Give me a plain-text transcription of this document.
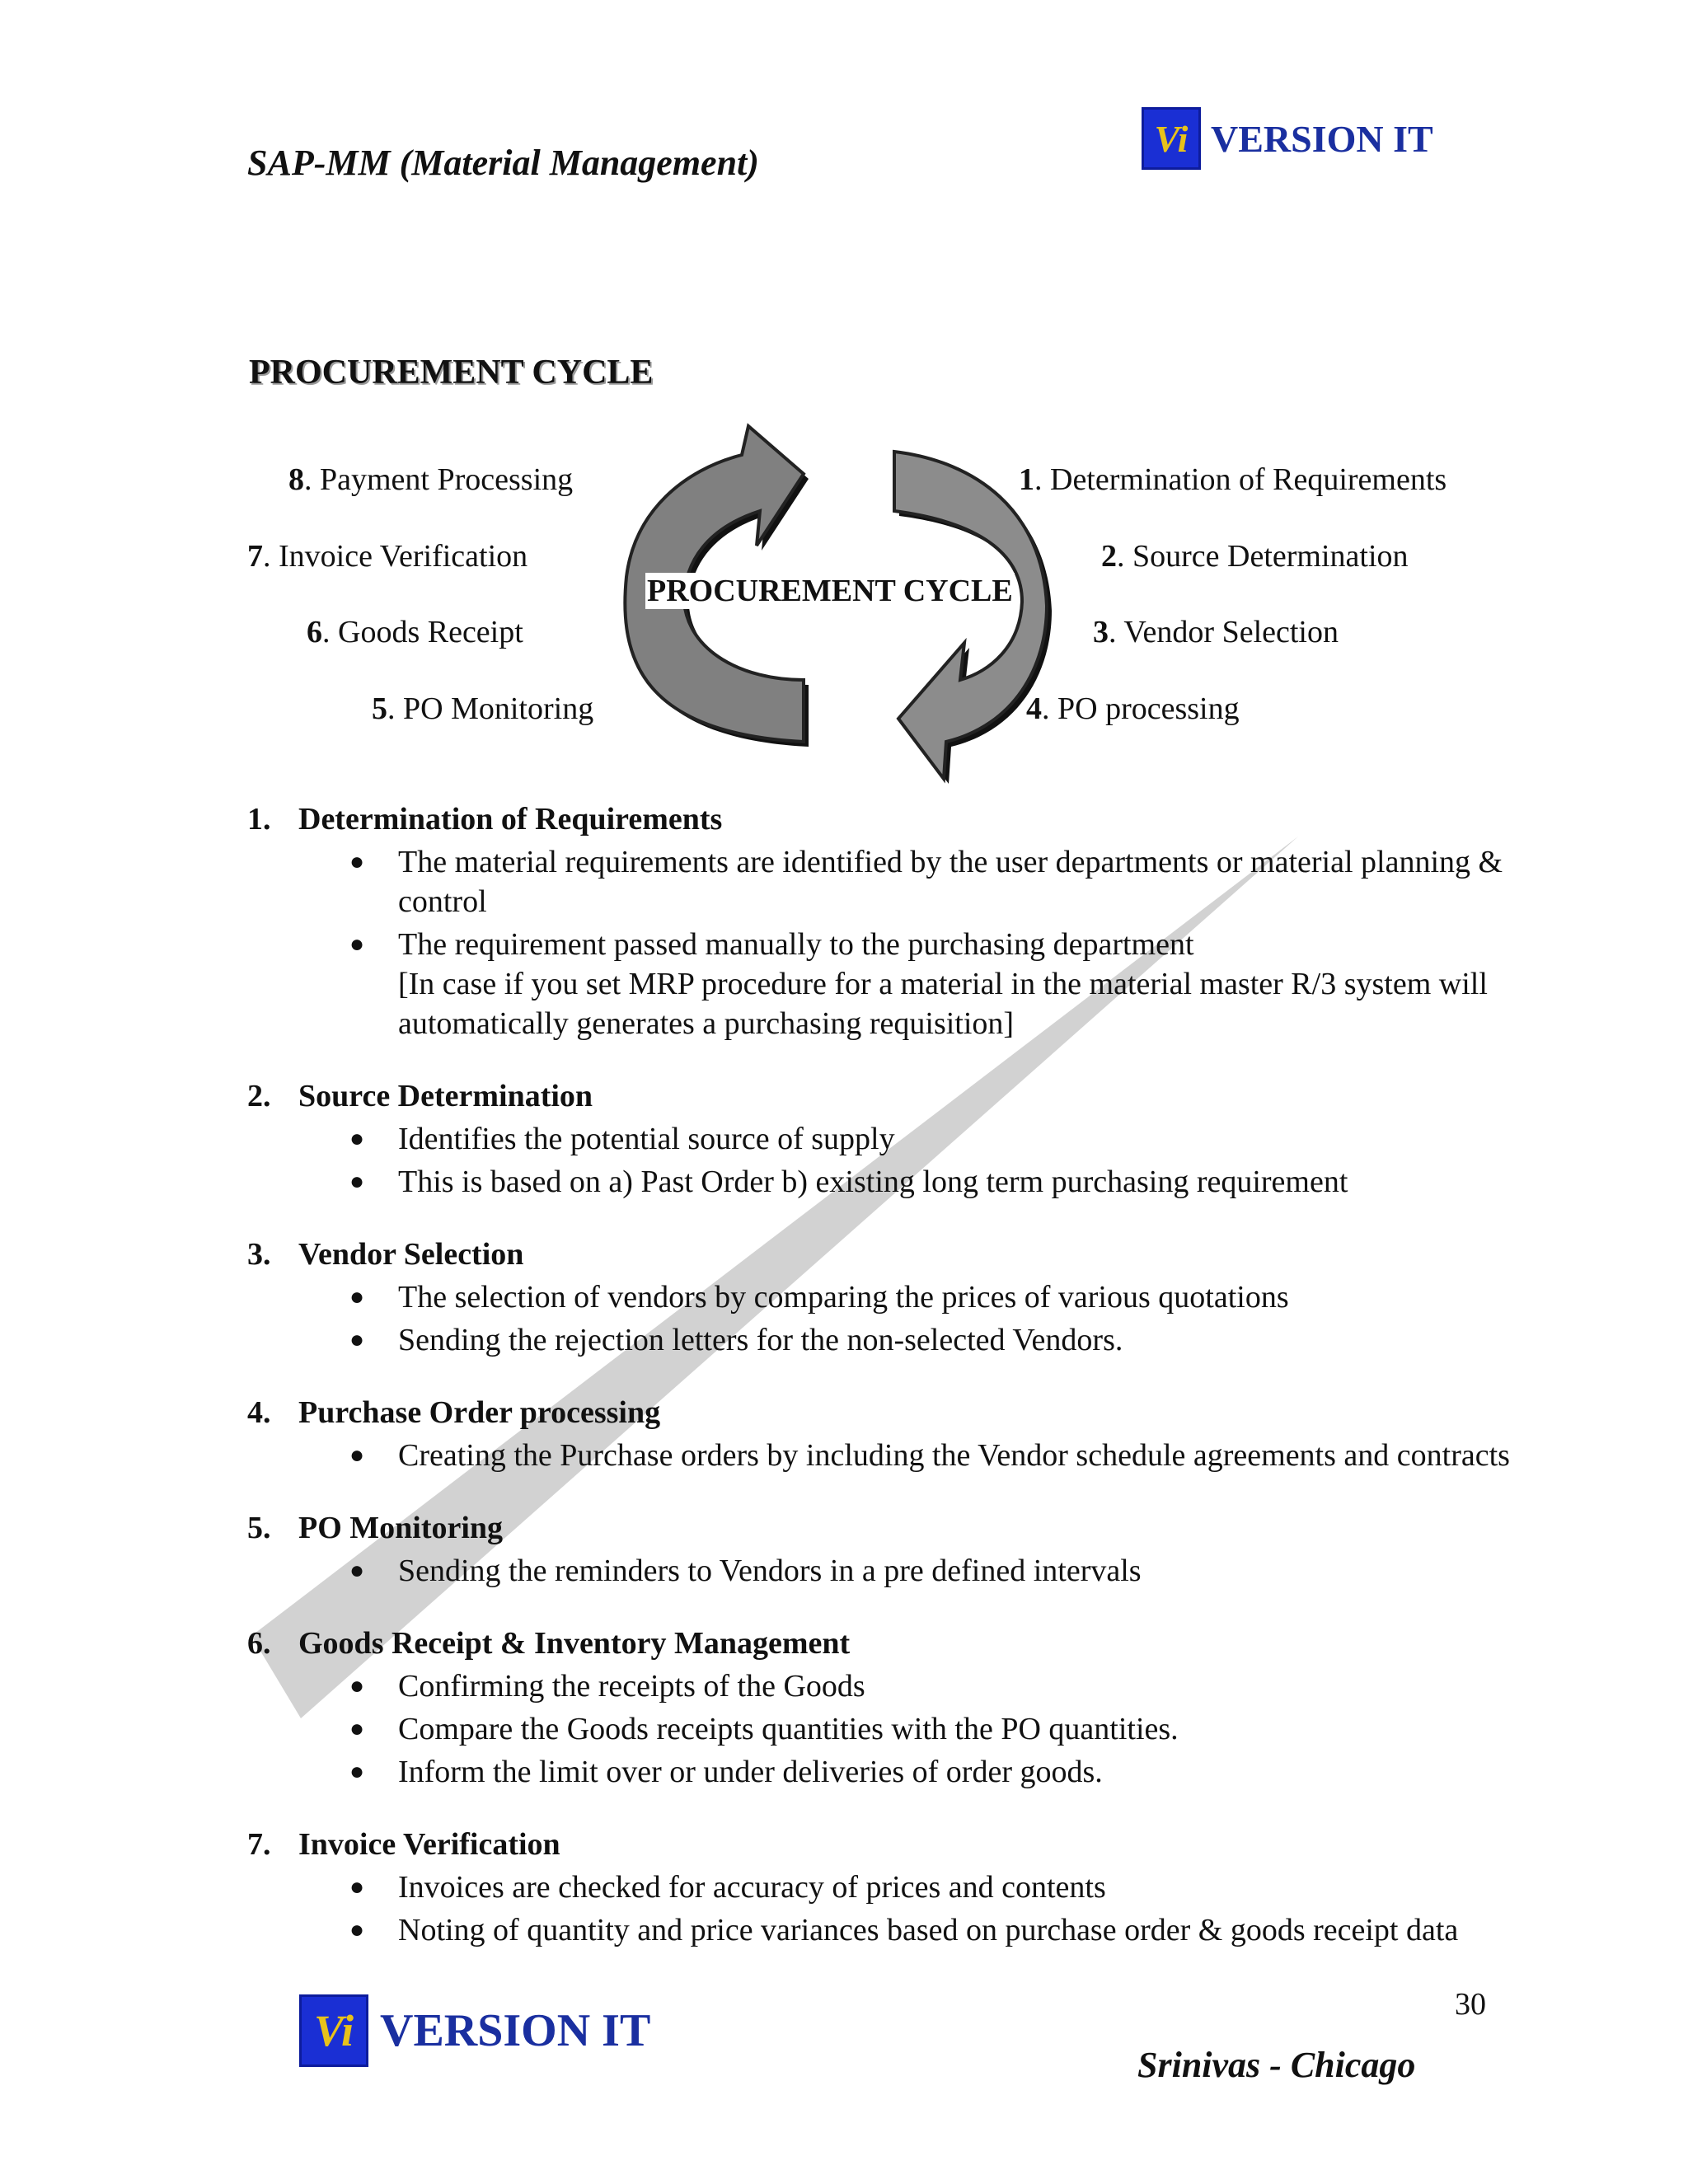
SAP-MM (Material Management)
Vi VERSION IT
PROCUREMENT CYCLE
PROCUREMENT CYCLE
1. Determination of Requirements
2. Source Determination
3. Vendor Selection
4. PO processing
5. PO Monitoring
6. Goods Receipt
7. Invoice Verification
8. Payment Processing
1. Determination of Requirements
● The material requirements are identified by the user departments or material planning & control
● The requirement passed manually to the purchasing department
[In case if you set MRP procedure for a material in the material master R/3 system will automatically generates a purchasing requisition]
2. Source Determination
● Identifies the potential source of supply
● This is based on a) Past Order b) existing long term purchasing requirement
3. Vendor Selection
● The selection of vendors by comparing the prices of various quotations
● Sending the rejection letters for the non-selected Vendors.
4. Purchase Order processing
● Creating the Purchase orders by including the Vendor schedule agreements and contracts
5. PO Monitoring
● Sending the reminders to Vendors in a pre defined intervals
6. Goods Receipt & Inventory Management
● Confirming the receipts of the Goods
● Compare the Goods receipts quantities with the PO quantities.
● Inform the limit over or under deliveries of order goods.
7. Invoice Verification
● Invoices are checked for accuracy of prices and contents
● Noting of quantity and price variances based on purchase order & goods receipt data
30
Vi VERSION IT
Srinivas - Chicago
